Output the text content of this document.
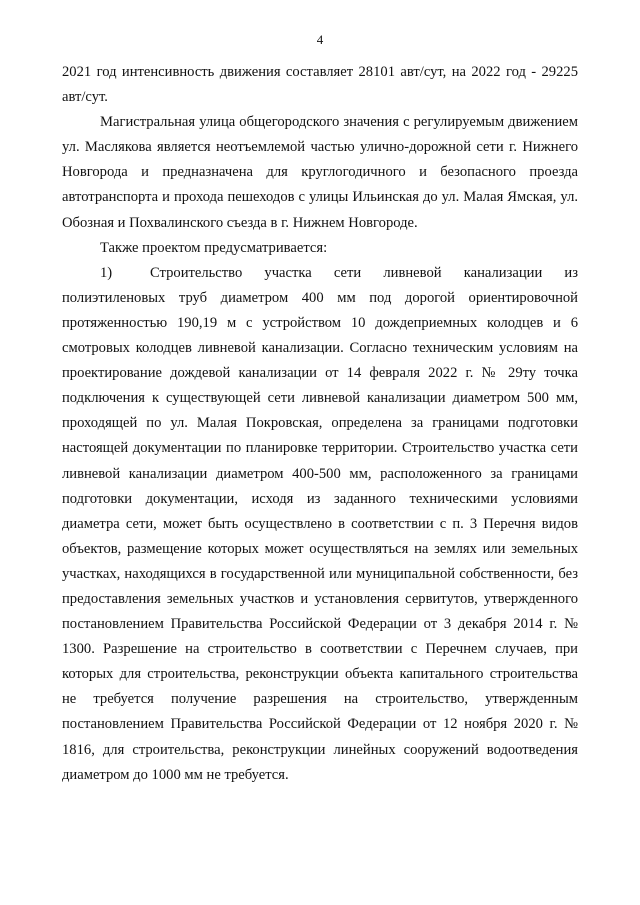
4

2021 год интенсивность движения составляет 28101 авт/сут, на 2022 год - 29225 авт/сут.

Магистральная улица общегородского значения с регулируемым движением ул. Маслякова является неотъемлемой частью улично-дорожной сети г. Нижнего Новгорода и предназначена для круглогодичного и безопасного проезда автотранспорта и прохода пешеходов с улицы Ильинская до ул. Малая Ямская, ул. Обозная и Похвалинского съезда в г. Нижнем Новгороде.

Также проектом предусматривается:

1)	Строительство участка сети ливневой канализации из полиэтиленовых труб диаметром 400 мм под дорогой ориентировочной протяженностью 190,19 м с устройством 10 дождеприемных колодцев и 6 смотровых колодцев ливневой канализации. Согласно техническим условиям на проектирование дождевой канализации от 14 февраля 2022 г. № 29ту точка подключения к существующей сети ливневой канализации диаметром 500 мм, проходящей по ул. Малая Покровская, определена за границами подготовки настоящей документации по планировке территории. Строительство участка сети ливневой канализации диаметром 400-500 мм, расположенного за границами подготовки документации, исходя из заданного техническими условиями диаметра сети, может быть осуществлено в соответствии с п. 3 Перечня видов объектов, размещение которых может осуществляться на землях или земельных участках, находящихся в государственной или муниципальной собственности, без предоставления земельных участков и установления сервитутов, утвержденного постановлением Правительства Российской Федерации от 3 декабря 2014 г. № 1300. Разрешение на строительство в соответствии с Перечнем случаев, при которых для строительства, реконструкции объекта капитального строительства не требуется получение разрешения на строительство, утвержденным постановлением Правительства Российской Федерации от 12 ноября 2020 г. № 1816, для строительства, реконструкции линейных сооружений водоотведения диаметром до 1000 мм не требуется.
